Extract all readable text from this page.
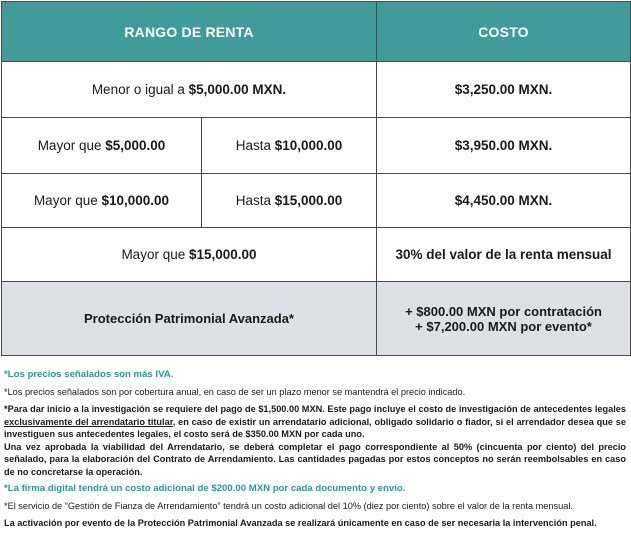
RANGO DE RENTA		COSTO
Menor o igual a $5,000.00 MXN.		$3,250.00 MXN.
Mayor que $5,000.00	Hasta $10,000.00	$3,950.00 MXN.
Mayor que $10,000.00	Hasta $15,000.00	$4,450.00 MXN.
Mayor que $15,000.00		30% del valor de la renta mensual
Protección Patrimonial Avanzada*		+ $800.00 MXN por contratación
+ $7,200.00 MXN por evento*

*Los precios señalados son más IVA.

*Los precios señalados son por cobertura anual, en caso de ser un plazo menor se mantendrá el precio indicado.

*Para dar inicio a la investigación se requiere del pago de $1,500.00 MXN. Este pago incluye el costo de investigación de antecedentes legales exclusivamente del arrendatario titular, en caso de existir un arrendatario adicional, obligado solidario o fiador, si el arrendador desea que se investiguen sus antecedentes legales, el costo será de $350.00 MXN por cada uno.
Una vez aprobada la viabilidad del Arrendatario, se deberá completar el pago correspondiente al 50% (cincuenta por ciento) del precio señalado, para la elaboración del Contrato de Arrendamiento. Las cantidades pagadas por estos conceptos no serán reembolsables en caso de no concretarse la operación.

*La firma digital tendrá un costo adicional de $200.00 MXN por cada documento y envío.

*El servicio de “Gestión de Fianza de Arrendamiento” tendrá un costo adicional del 10% (diez por ciento) sobre el valor de la renta mensual.

La activación por evento de la Protección Patrimonial Avanzada se realizará únicamente en caso de ser necesaria la intervención penal.
